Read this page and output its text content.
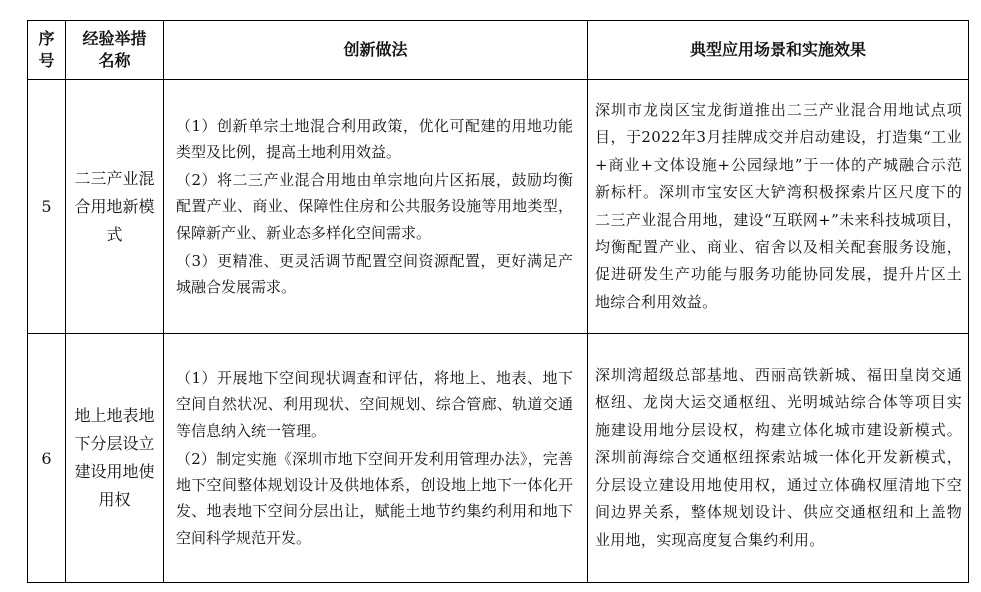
序号	经验举措名称	创新做法	典型应用场景和实施效果
5	二三产业混合用地新模式	（1）创新单宗土地混合利用政策，优化可配建的用地功能类型及比例，提高土地利用效益。

（2）将二三产业混合用地由单宗地向片区拓展，鼓励均衡配置产业、商业、保障性住房和公共服务设施等用地类型，保障新产业、新业态多样化空间需求。

（3）更精准、更灵活调节配置空间资源配置，更好满足产城融合发展需求。	深圳市龙岗区宝龙街道推出二三产业混合用地试点项目，于2022年3月挂牌成交并启动建设，打造集“工业+商业+文体设施+公园绿地”于一体的产城融合示范新标杆。深圳市宝安区大铲湾积极探索片区尺度下的二三产业混合用地，建设“互联网+”未来科技城项目，均衡配置产业、商业、宿舍以及相关配套服务设施，促进研发生产功能与服务功能协同发展，提升片区土地综合利用效益。
6	地上地表地下分层设立建设用地使用权	（1）开展地下空间现状调查和评估，将地上、地表、地下空间自然状况、利用现状、空间规划、综合管廊、轨道交通等信息纳入统一管理。

（2）制定实施《深圳市地下空间开发利用管理办法》，完善地下空间整体规划设计及供地体系，创设地上地下一体化开发、地表地下空间分层出让，赋能土地节约集约利用和地下空间科学规范开发。	深圳湾超级总部基地、西丽高铁新城、福田皇岗交通枢纽、龙岗大运交通枢纽、光明城站综合体等项目实施建设用地分层设权，构建立体化城市建设新模式。深圳前海综合交通枢纽探索站城一体化开发新模式，分层设立建设用地使用权，通过立体确权厘清地下空间边界关系，整体规划设计、供应交通枢纽和上盖物业用地，实现高度复合集约利用。
